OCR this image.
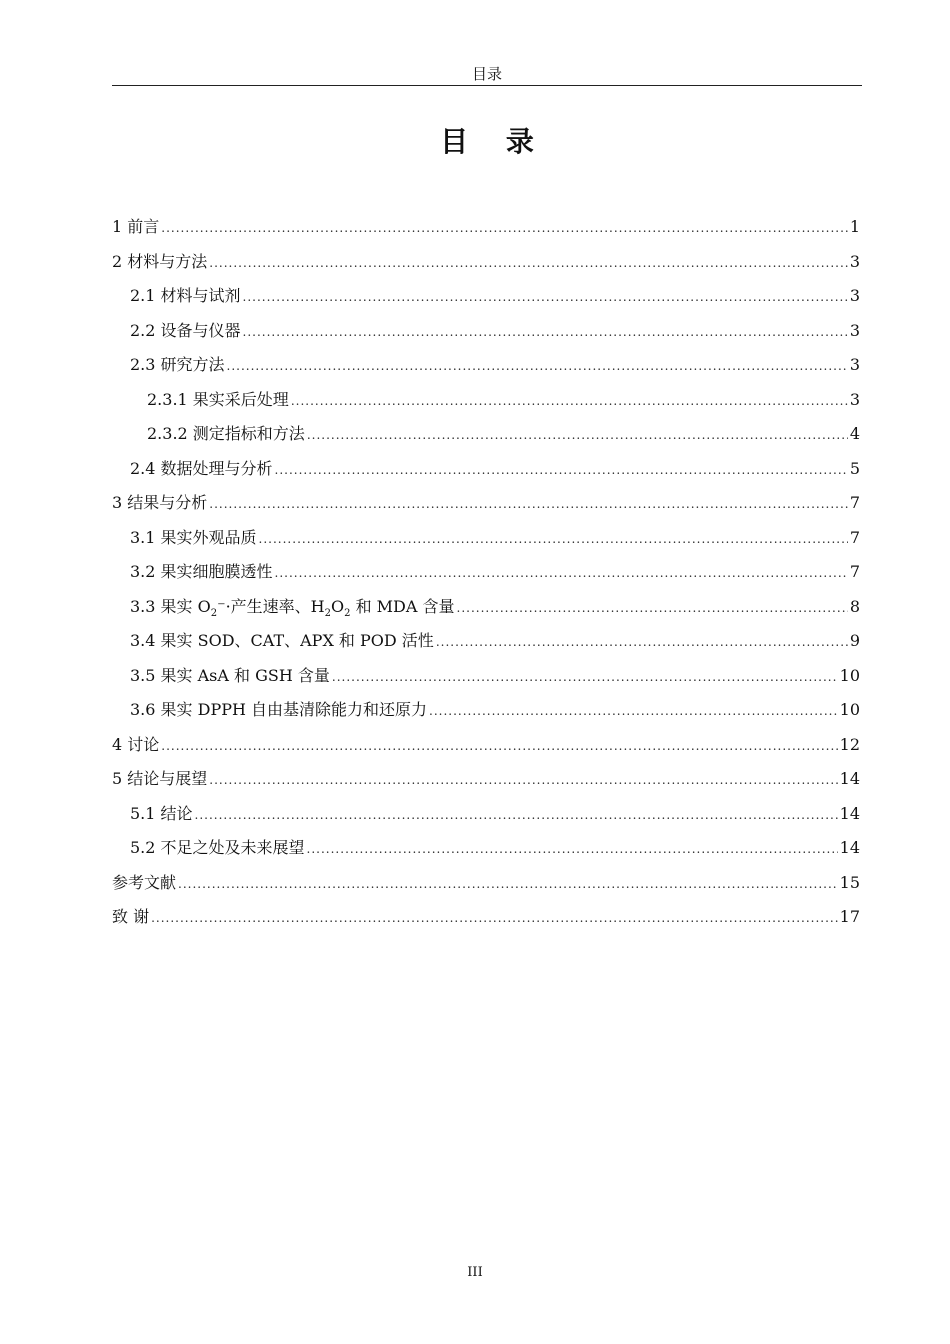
目录
目 录
1 前言 .....	1
2 材料与方法 .....	3
2.1 材料与试剂 .....	3
2.2 设备与仪器 .....	3
2.3 研究方法 .....	3
2.3.1 果实采后处理 .....	3
2.3.2 测定指标和方法 .....	4
2.4 数据处理与分析 .....	5
3 结果与分析 .....	7
3.1 果实外观品质 .....	7
3.2 果实细胞膜透性 .....	7
3.3 果实 $O_2^-\cdot$产生速率、$H_2O_2$ 和 MDA 含量 .....	8
3.4 果实 SOD、CAT、APX 和 POD 活性 .....	9
3.5 果实 AsA 和 GSH 含量 .....	10
3.6 果实 DPPH 自由基清除能力和还原力 .....	10
4 讨论 .....	12
5 结论与展望 .....	14
5.1 结论 .....	14
5.2 不足之处及未来展望 .....	14
参考文献 .....	15
致 谢 .....	17
III
